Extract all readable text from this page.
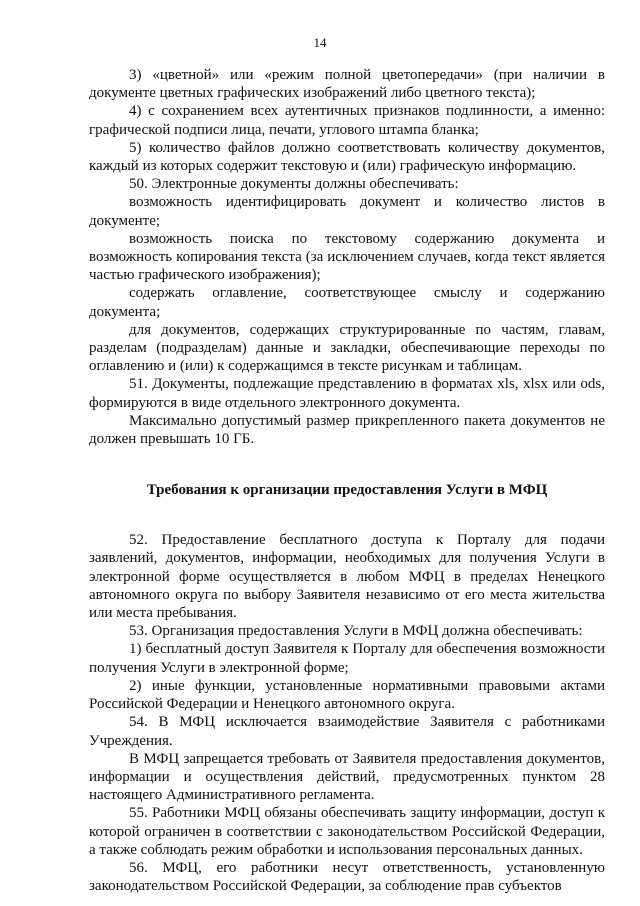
14

3) «цветной» или «режим полной цветопередачи» (при наличии в документе цветных графических изображений либо цветного текста);

4) с сохранением всех аутентичных признаков подлинности, а именно: графической подписи лица, печати, углового штампа бланка;

5) количество файлов должно соответствовать количеству документов, каждый из которых содержит текстовую и (или) графическую информацию.

50. Электронные документы должны обеспечивать:

возможность идентифицировать документ и количество листов в документе;

возможность поиска по текстовому содержанию документа и возможность копирования текста (за исключением случаев, когда текст является частью графического изображения);

содержать оглавление, соответствующее смыслу и содержанию документа;

для документов, содержащих структурированные по частям, главам, разделам (подразделам) данные и закладки, обеспечивающие переходы по оглавлению и (или) к содержащимся в тексте рисункам и таблицам.

51. Документы, подлежащие представлению в форматах xls, xlsx или ods, формируются в виде отдельного электронного документа.

Максимально допустимый размер прикрепленного пакета документов не должен превышать 10 ГБ.

Требования к организации предоставления Услуги в МФЦ

52. Предоставление бесплатного доступа к Порталу для подачи заявлений, документов, информации, необходимых для получения Услуги в электронной форме осуществляется в любом МФЦ в пределах Ненецкого автономного округа по выбору Заявителя независимо от его места жительства или места пребывания.

53. Организация предоставления Услуги в МФЦ должна обеспечивать:

1) бесплатный доступ Заявителя к Порталу для обеспечения возможности получения Услуги в электронной форме;

2) иные функции, установленные нормативными правовыми актами Российской Федерации и Ненецкого автономного округа.

54. В МФЦ исключается взаимодействие Заявителя с работниками Учреждения.

В МФЦ запрещается требовать от Заявителя предоставления документов, информации и осуществления действий, предусмотренных пунктом 28 настоящего Административного регламента.

55. Работники МФЦ обязаны обеспечивать защиту информации, доступ к которой ограничен в соответствии с законодательством Российской Федерации, а также соблюдать режим обработки и использования персональных данных.

56. МФЦ, его работники несут ответственность, установленную законодательством Российской Федерации, за соблюдение прав субъектов
